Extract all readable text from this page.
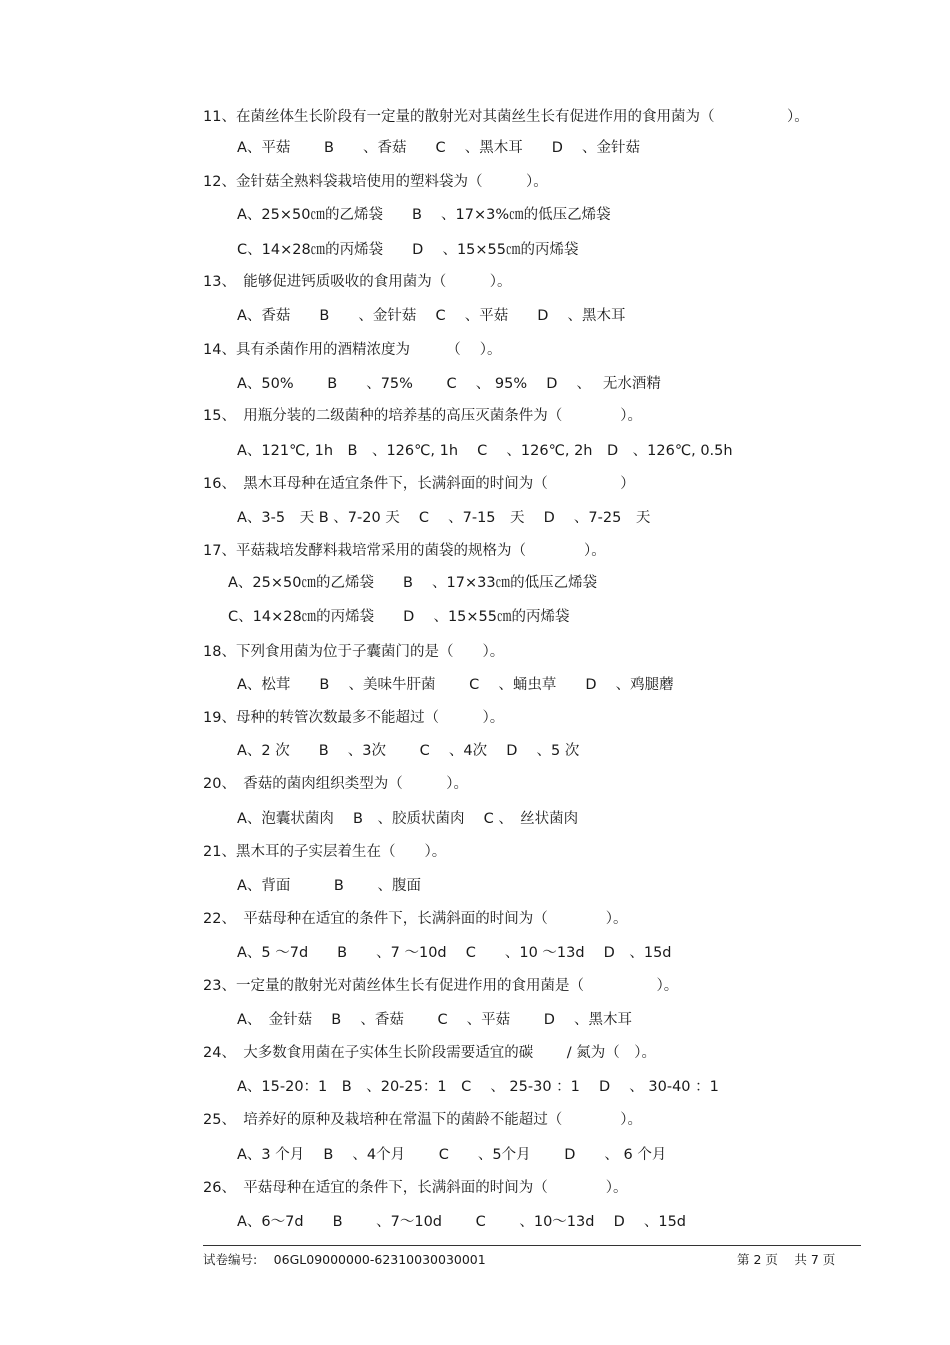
11、在菌丝体生长阶段有一定量的散射光对其菌丝生长有促进作用的食用菌为（　　　　　）。
A、平菇　　 B　　、香菇　　C　 、黑木耳　　D　 、金针菇
12、金针菇全熟料袋栽培使用的塑料袋为（　　　）。
A、25×50㎝的乙烯袋　　B　 、17×3%㎝的低压乙烯袋
C、14×28㎝的丙烯袋　　D　 、15×55㎝的丙烯袋
13、　能够促进钙质吸收的食用菌为（　　　）。
A、香菇　　B　　、金针菇　 C　 、平菇　　D　 、黑木耳
14、具有杀菌作用的酒精浓度为　　　（　 ）。
A、50%　　 B　　、75%　　 C　 、 95%　 D　 、　 无水酒精
15、　用瓶分装的二级菌种的培养基的高压灭菌条件为（　　　　）。
A、121℃, 1h　B　、126℃, 1h　 C　 、126℃, 2h　D　、126℃, 0.5h
16、　黑木耳母种在适宜条件下，长满斜面的时间为（　　　　　）
A、3-5　天 B 、7-20 天　 C　 、7-15　天　 D　 、7-25　天
17、平菇栽培发酵料栽培常采用的菌袋的规格为（　　　　）。
A、25×50㎝的乙烯袋　　B　 、17×33㎝的低压乙烯袋
C、14×28㎝的丙烯袋　　D　 、15×55㎝的丙烯袋
18、下列食用菌为位于子囊菌门的是（　　）。
A、松茸　　B　 、美味牛肝菌　　 C　 、蛹虫草　　D　 、鸡腿蘑
19、母种的转管次数最多不能超过（　　　）。
A、2 次　　B　 、3次　　 C　 、4次　 D　 、5 次
20、　香菇的菌肉组织类型为（　　　）。
A、泡囊状菌肉　 B　、胶质状菌肉　 C 、　丝状菌肉
21、黑木耳的子实层着生在（　　）。
A、背面　　　B　　 、腹面
22、　平菇母种在适宜的条件下，长满斜面的时间为（　　　　）。
A、5 ～7d　　B　　、7 ～10d　 C　　、10 ～13d　 D　、15d
23、一定量的散射光对菌丝体生长有促进作用的食用菌是（　　　　　）。
A、　金针菇　 B　 、香菇　　 C　 、平菇　　 D　 、黑木耳
24、　大多数食用菌在子实体生长阶段需要适宜的碳　　 / 氮为（　）。
A、15-20：1　B　、20-25：1　C　 、 25-30 ：1　 D　 、 30-40 ：1
25、　培养好的原种及栽培种在常温下的菌龄不能超过（　　　　）。
A、3 个月　 B　 、4个月　　 C　　、5个月　　 D　　、 6 个月
26、　平菇母种在适宜的条件下，长满斜面的时间为（　　　　）。
A、6～7d　　B　　 、7～10d　　 C　　 、10～13d　 D　 、15d
试卷编号:　 06GL09000000-62310030030001	第 2 页　 共 7 页
